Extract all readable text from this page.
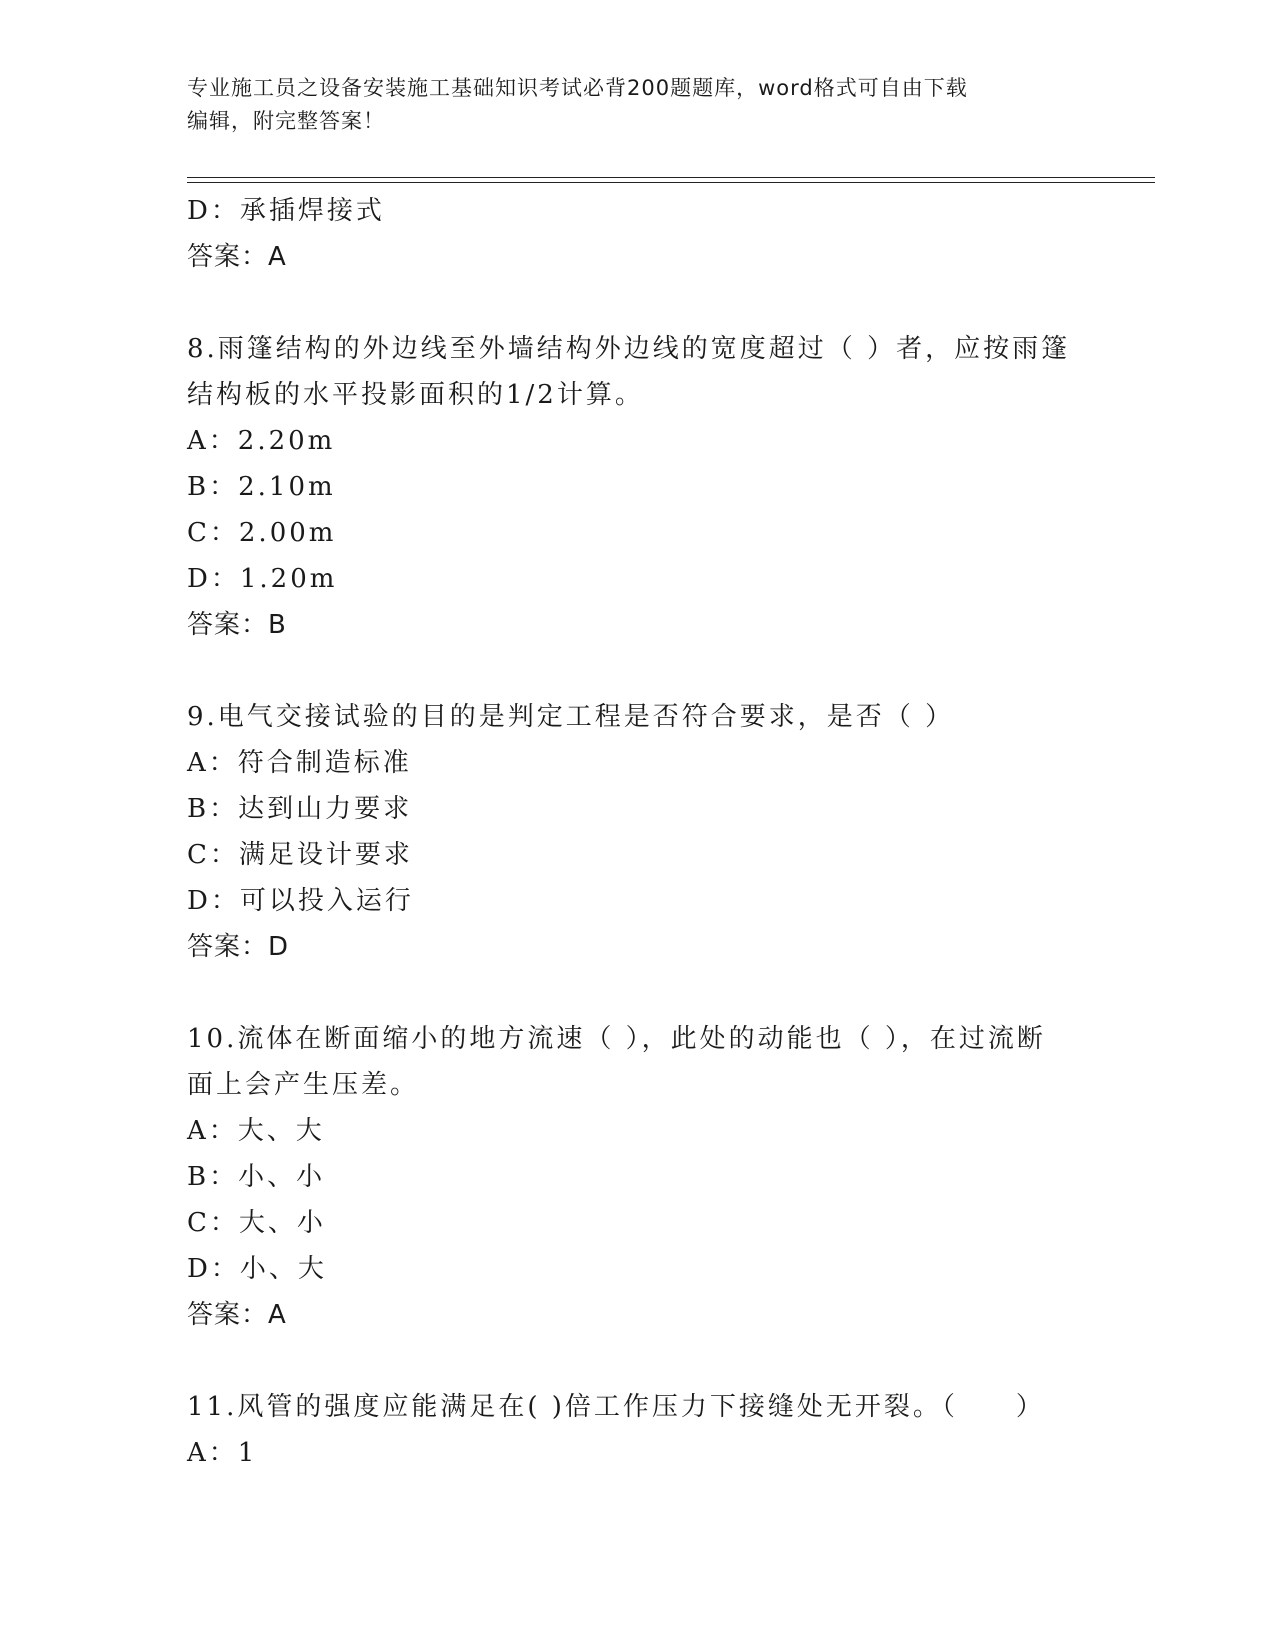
专业施工员之设备安装施工基础知识考试必背200题题库，word格式可自由下载
编辑，附完整答案！
D：承插焊接式
答案：A
8.雨篷结构的外边线至外墙结构外边线的宽度超过（ ）者，应按雨篷
结构板的水平投影面积的1/2计算。
A：2.20m
B：2.10m
C：2.00m
D：1.20m
答案：B
9.电气交接试验的目的是判定工程是否符合要求，是否（ ）
A：符合制造标准
B：达到山力要求
C：满足设计要求
D：可以投入运行
答案：D
10.流体在断面缩小的地方流速（ ），此处的动能也（ ），在过流断
面上会产生压差。
A：大、大
B：小、小
C：大、小
D：小、大
答案：A
11.风管的强度应能满足在( )倍工作压力下接缝处无开裂。（　　）
A：1
